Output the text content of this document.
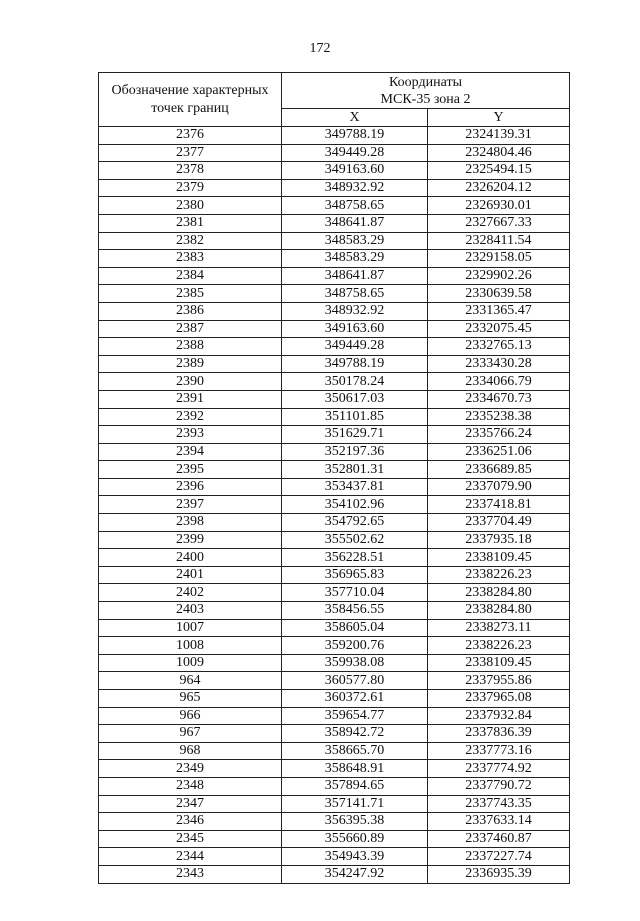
172
Обозначение характерных точек границ	Координаты
МСК-35 зона 2	

	X	Y
2376	349788.19	2324139.31
2377	349449.28	2324804.46
2378	349163.60	2325494.15
2379	348932.92	2326204.12
2380	348758.65	2326930.01
2381	348641.87	2327667.33
2382	348583.29	2328411.54
2383	348583.29	2329158.05
2384	348641.87	2329902.26
2385	348758.65	2330639.58
2386	348932.92	2331365.47
2387	349163.60	2332075.45
2388	349449.28	2332765.13
2389	349788.19	2333430.28
2390	350178.24	2334066.79
2391	350617.03	2334670.73
2392	351101.85	2335238.38
2393	351629.71	2335766.24
2394	352197.36	2336251.06
2395	352801.31	2336689.85
2396	353437.81	2337079.90
2397	354102.96	2337418.81
2398	354792.65	2337704.49
2399	355502.62	2337935.18
2400	356228.51	2338109.45
2401	356965.83	2338226.23
2402	357710.04	2338284.80
2403	358456.55	2338284.80
1007	358605.04	2338273.11
1008	359200.76	2338226.23
1009	359938.08	2338109.45
964	360577.80	2337955.86
965	360372.61	2337965.08
966	359654.77	2337932.84
967	358942.72	2337836.39
968	358665.70	2337773.16
2349	358648.91	2337774.92
2348	357894.65	2337790.72
2347	357141.71	2337743.35
2346	356395.38	2337633.14
2345	355660.89	2337460.87
2344	354943.39	2337227.74
2343	354247.92	2336935.39
